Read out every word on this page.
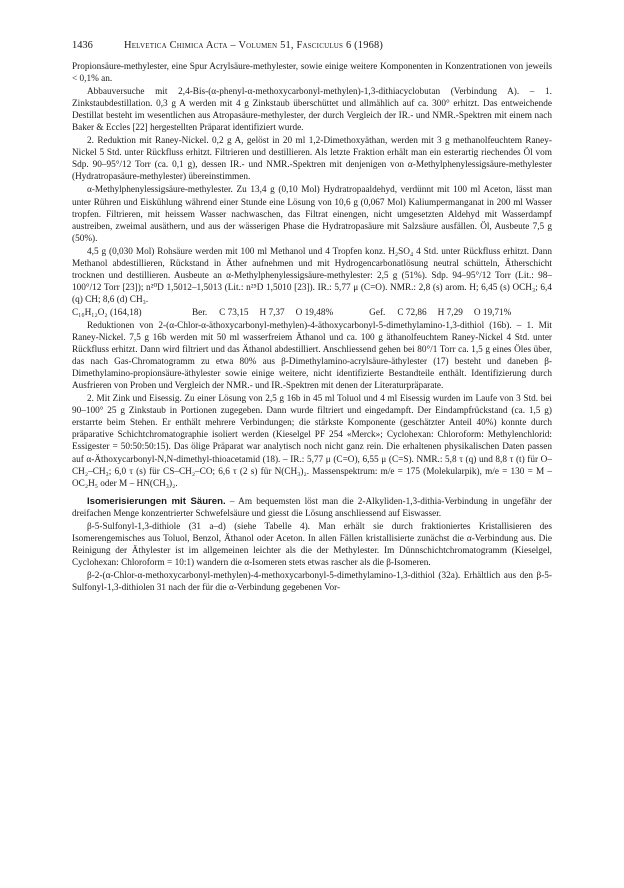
1436	Helvetica Chimica Acta – Volumen 51, Fasciculus 6 (1968)

Propionsäure-methylester, eine Spur Acrylsäure-methylester, sowie einige weitere Komponenten in Konzentrationen von jeweils < 0,1% an.

Abbauversuche mit 2,4-Bis-(α-phenyl-α-methoxycarbonyl-methylen)-1,3-dithiacyclobutan (Verbindung A). – 1. Zinkstaubdestillation. 0,3 g A werden mit 4 g Zinkstaub überschüttet und allmählich auf ca. 300° erhitzt. Das entweichende Destillat besteht im wesentlichen aus Atropasäure-methylester, der durch Vergleich der IR.- und NMR.-Spektren mit einem nach Baker & Eccles [22] hergestellten Präparat identifiziert wurde.

2. Reduktion mit Raney-Nickel. 0,2 g A, gelöst in 20 ml 1,2-Dimethoxyäthan, werden mit 3 g methanolfeuchtem Raney-Nickel 5 Std. unter Rückfluss erhitzt. Filtrieren und destillieren. Als letzte Fraktion erhält man ein esterartig riechendes Öl vom Sdp. 90–95°/12 Torr (ca. 0,1 g), dessen IR.- und NMR.-Spektren mit denjenigen von α-Methylphenylessigsäure-methylester (Hydratropasäure-methylester) übereinstimmen.

α-Methylphenylessigsäure-methylester. Zu 13,4 g (0,10 Mol) Hydratropaaldehyd, verdünnt mit 100 ml Aceton, lässt man unter Rühren und Eiskühlung während einer Stunde eine Lösung von 10,6 g (0,067 Mol) Kaliumpermanganat in 200 ml Wasser tropfen. Filtrieren, mit heissem Wasser nachwaschen, das Filtrat einengen, nicht umgesetzten Aldehyd mit Wasserdampf austreiben, zweimal ausäthern, und aus der wässerigen Phase die Hydratropasäure mit Salzsäure ausfällen. Öl, Ausbeute 7,5 g (50%).

4,5 g (0,030 Mol) Rohsäure werden mit 100 ml Methanol und 4 Tropfen konz. H₂SO₄ 4 Std. unter Rückfluss erhitzt. Dann Methanol abdestillieren, Rückstand in Äther aufnehmen und mit Hydrogencarbonatlösung neutral schütteln, Ätherschicht trocknen und destillieren. Ausbeute an α-Methylphenylessigsäure-methylester: 2,5 g (51%). Sdp. 94–95°/12 Torr (Lit.: 98–100°/12 Torr [23]); n²⁰D 1,5012–1,5013 (Lit.: n²⁵D 1,5010 [23]). IR.: 5,77 μ (C=O). NMR.: 2,8 (s) arom. H; 6,45 (s) OCH₃; 6,4 (q) CH; 8,6 (d) CH₃.

C₁₀H₁₂O₂ (164,18)	Ber. C 73,15 H 7,37 O 19,48%	Gef. C 72,86 H 7,29 O 19,71%

Reduktionen von 2-(α-Chlor-α-äthoxycarbonyl-methylen)-4-äthoxycarbonyl-5-dimethylamino-1,3-dithiol (16b). – 1. Mit Raney-Nickel. 7,5 g 16b werden mit 50 ml wasserfreiem Äthanol und ca. 100 g äthanolfeuchtem Raney-Nickel 4 Std. unter Rückfluss erhitzt. Dann wird filtriert und das Äthanol abdestilliert. Anschliessend gehen bei 80°/1 Torr ca. 1,5 g eines Öles über, das nach Gas-Chromatogramm zu etwa 80% aus β-Dimethylamino-acrylsäure-äthylester (17) besteht und daneben β-Dimethylamino-propionsäure-äthylester sowie einige weitere, nicht identifizierte Bestandteile enthält. Identifizierung durch Ausfrieren von Proben und Vergleich der NMR.- und IR.-Spektren mit denen der Literaturpräparate.

2. Mit Zink und Eisessig. Zu einer Lösung von 2,5 g 16b in 45 ml Toluol und 4 ml Eisessig wurden im Laufe von 3 Std. bei 90–100° 25 g Zinkstaub in Portionen zugegeben. Dann wurde filtriert und eingedampft. Der Eindampfrückstand (ca. 1,5 g) erstarrte beim Stehen. Er enthält mehrere Verbindungen; die stärkste Komponente (geschätzter Anteil 40%) konnte durch präparative Schichtchromatographie isoliert werden (Kieselgel PF 254 «Merck»; Cyclohexan: Chloroform: Methylenchlorid: Essigester = 50:50:50:15). Das ölige Präparat war analytisch noch nicht ganz rein. Die erhaltenen physikalischen Daten passen auf α-Äthoxycarbonyl-N,N-dimethyl-thioacetamid (18). – IR.: 5,77 μ (C=O), 6,55 μ (C=S). NMR.: 5,8 τ (q) und 8,8 τ (t) für O–CH₂–CH₃; 6,0 τ (s) für CS–CH₂–CO; 6,6 τ (2 s) für N(CH₃)₂. Massenspektrum: m/e = 175 (Molekularpik), m/e = 130 = M – OC₂H₅ oder M – HN(CH₃)₂.

Isomerisierungen mit Säuren. – Am bequemsten löst man die 2-Alkyliden-1,3-dithia-Verbindung in ungefähr der dreifachen Menge konzentrierter Schwefelsäure und giesst die Lösung anschliessend auf Eiswasser.

β-5-Sulfonyl-1,3-dithiole (31 a–d) (siehe Tabelle 4). Man erhält sie durch fraktioniertes Kristallisieren des Isomerengemisches aus Toluol, Benzol, Äthanol oder Aceton. In allen Fällen kristallisierte zunächst die α-Verbindung aus. Die Reinigung der Äthylester ist im allgemeinen leichter als die der Methylester. Im Dünnschichtchromatogramm (Kieselgel, Cyclohexan: Chloroform = 10:1) wandern die α-Isomeren stets etwas rascher als die β-Isomeren.

β-2-(α-Chlor-α-methoxycarbonyl-methylen)-4-methoxycarbonyl-5-dimethylamino-1,3-dithiol (32a). Erhältlich aus den β-5-Sulfonyl-1,3-dithiolen 31 nach der für die α-Verbindung gegebenen Vor-
